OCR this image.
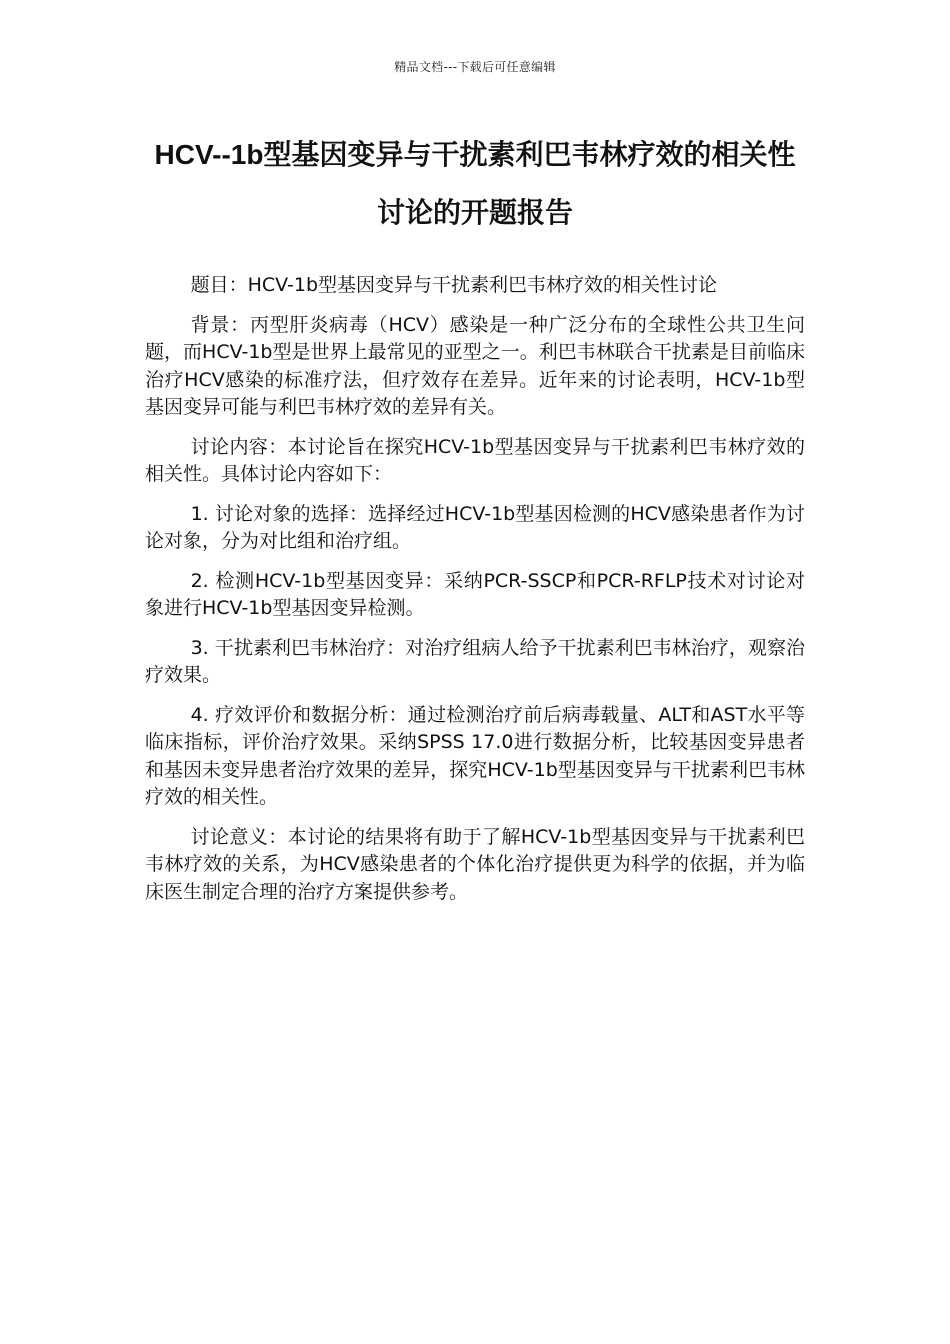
精品文档---下载后可任意编辑
HCV--1b型基因变异与干扰素利巴韦林疗效的相关性讨论的开题报告

题目：HCV-1b型基因变异与干扰素利巴韦林疗效的相关性讨论

背景：丙型肝炎病毒（HCV）感染是一种广泛分布的全球性公共卫生问题，而HCV-1b型是世界上最常见的亚型之一。利巴韦林联合干扰素是目前临床治疗HCV感染的标准疗法，但疗效存在差异。近年来的讨论表明，HCV-1b型基因变异可能与利巴韦林疗效的差异有关。

讨论内容：本讨论旨在探究HCV-1b型基因变异与干扰素利巴韦林疗效的相关性。具体讨论内容如下：

1. 讨论对象的选择：选择经过HCV-1b型基因检测的HCV感染患者作为讨论对象，分为对比组和治疗组。

2. 检测HCV-1b型基因变异：采纳PCR-SSCP和PCR-RFLP技术对讨论对象进行HCV-1b型基因变异检测。

3. 干扰素利巴韦林治疗：对治疗组病人给予干扰素利巴韦林治疗，观察治疗效果。

4. 疗效评价和数据分析：通过检测治疗前后病毒载量、ALT和AST水平等临床指标，评价治疗效果。采纳SPSS 17.0进行数据分析，比较基因变异患者和基因未变异患者治疗效果的差异，探究HCV-1b型基因变异与干扰素利巴韦林疗效的相关性。

讨论意义：本讨论的结果将有助于了解HCV-1b型基因变异与干扰素利巴韦林疗效的关系，为HCV感染患者的个体化治疗提供更为科学的依据，并为临床医生制定合理的治疗方案提供参考。
